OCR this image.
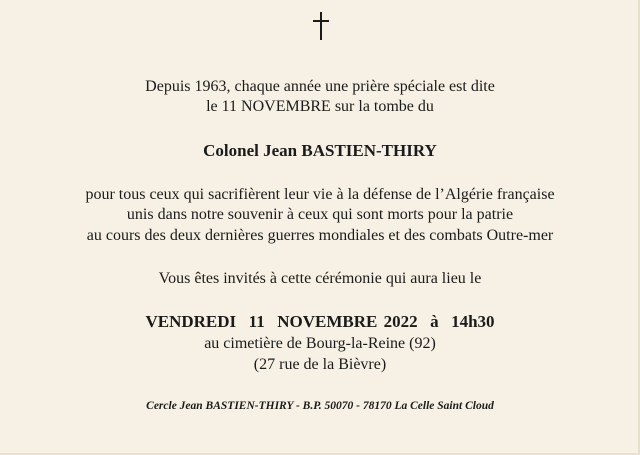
Depuis 1963, chaque année une prière spéciale est dite
le 11 NOVEMBRE sur la tombe du
Colonel Jean BASTIEN-THIRY
pour tous ceux qui sacrifièrent leur vie à la défense de l’Algérie française
unis dans notre souvenir à ceux qui sont morts pour la patrie
au cours des deux dernières guerres mondiales et des combats Outre-mer
Vous êtes invités à cette cérémonie qui aura lieu le
VENDREDI  11  NOVEMBRE 2022  à  14h30
au cimetière de Bourg-la-Reine (92)
(27 rue de la Bièvre)
Cercle Jean BASTIEN-THIRY - B.P. 50070 - 78170 La Celle Saint Cloud
